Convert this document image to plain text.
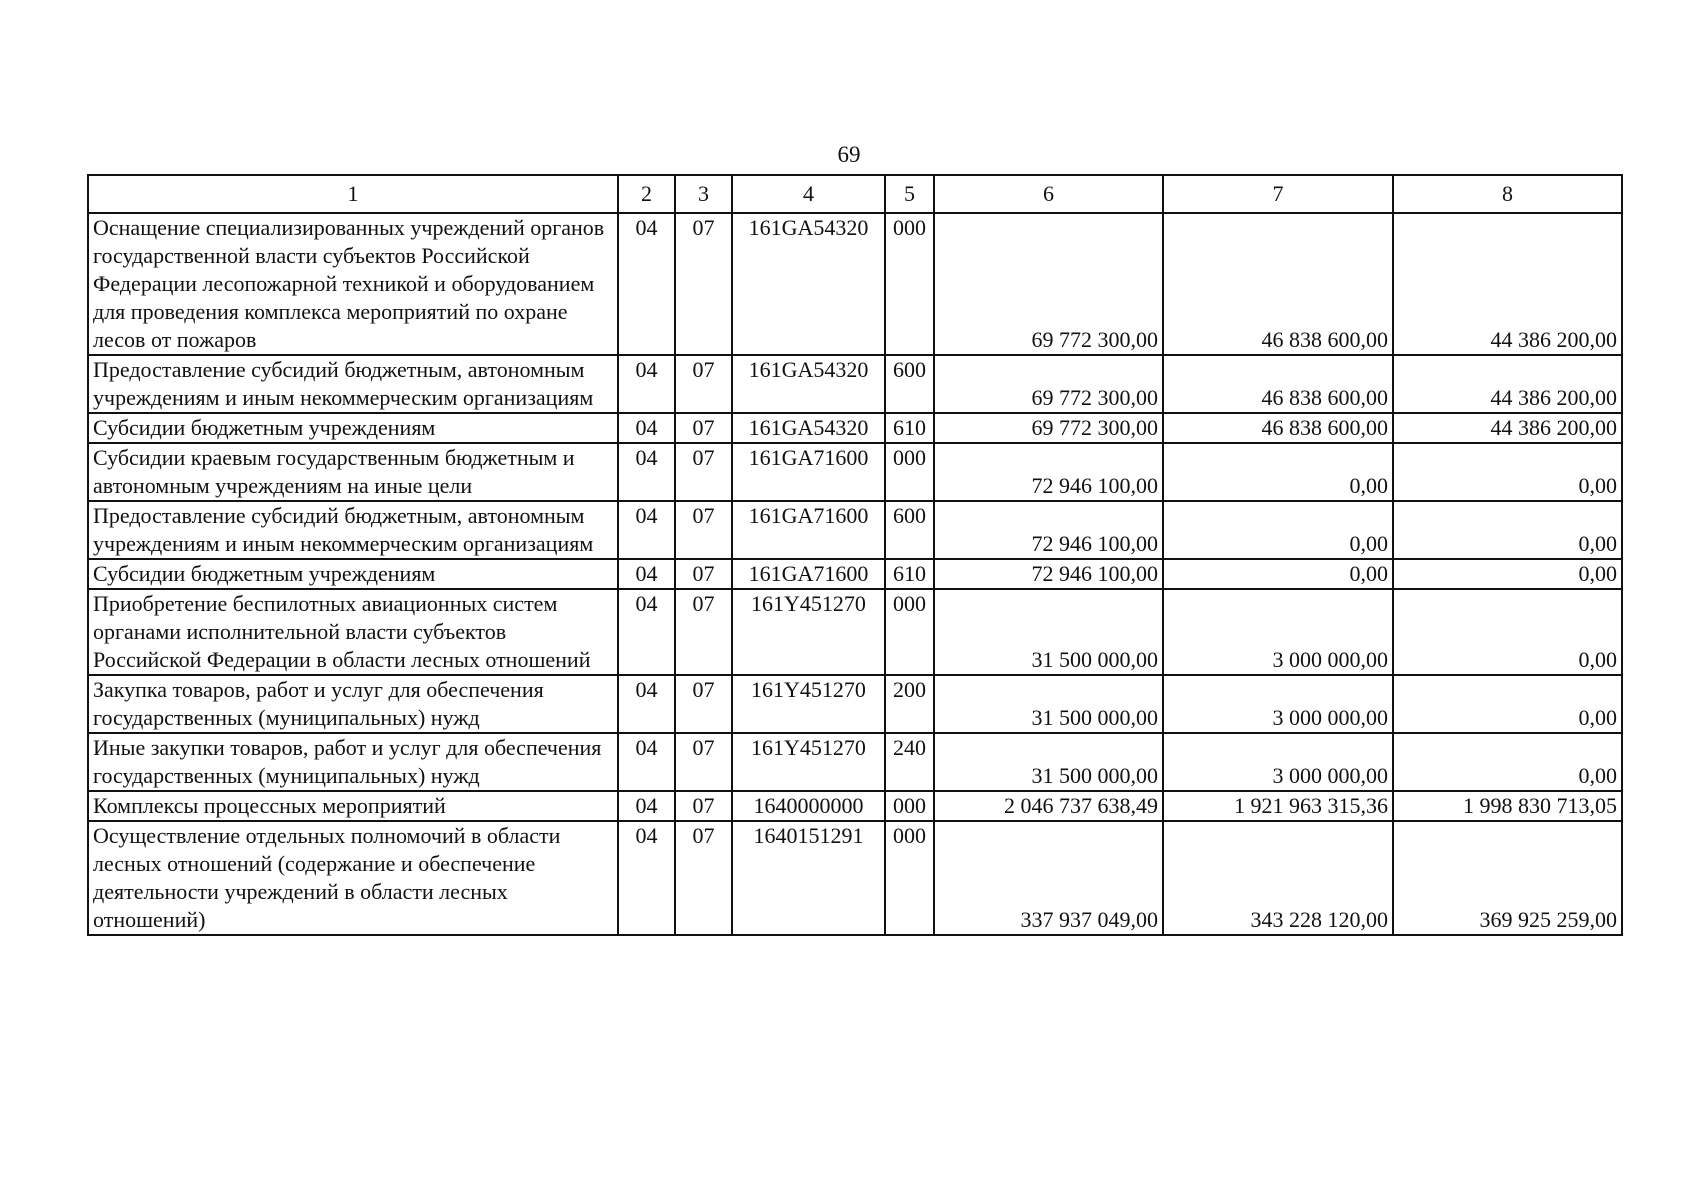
69
1	2	3	4	5	6	7	8
Оснащение специализированных учреждений органов государственной власти субъектов Российской Федерации лесопожарной техникой и оборудованием для проведения комплекса мероприятий по охране лесов от пожаров	04	07	161GA54320	000	69 772 300,00	46 838 600,00	44 386 200,00
Предоставление субсидий бюджетным, автономным учреждениям и иным некоммерческим организациям	04	07	161GA54320	600	69 772 300,00	46 838 600,00	44 386 200,00
Субсидии бюджетным учреждениям	04	07	161GA54320	610	69 772 300,00	46 838 600,00	44 386 200,00
Субсидии краевым государственным бюджетным и автономным учреждениям на иные цели	04	07	161GA71600	000	72 946 100,00	0,00	0,00
Предоставление субсидий бюджетным, автономным учреждениям и иным некоммерческим организациям	04	07	161GA71600	600	72 946 100,00	0,00	0,00
Субсидии бюджетным учреждениям	04	07	161GA71600	610	72 946 100,00	0,00	0,00
Приобретение беспилотных авиационных систем органами исполнительной власти субъектов Российской Федерации в области лесных отношений	04	07	161Y451270	000	31 500 000,00	3 000 000,00	0,00
Закупка товаров, работ и услуг для обеспечения государственных (муниципальных) нужд	04	07	161Y451270	200	31 500 000,00	3 000 000,00	0,00
Иные закупки товаров, работ и услуг для обеспечения государственных (муниципальных) нужд	04	07	161Y451270	240	31 500 000,00	3 000 000,00	0,00
Комплексы процессных мероприятий	04	07	1640000000	000	2 046 737 638,49	1 921 963 315,36	1 998 830 713,05
Осуществление отдельных полномочий в области лесных отношений (содержание и обеспечение деятельности учреждений в области лесных отношений)	04	07	1640151291	000	337 937 049,00	343 228 120,00	369 925 259,00
